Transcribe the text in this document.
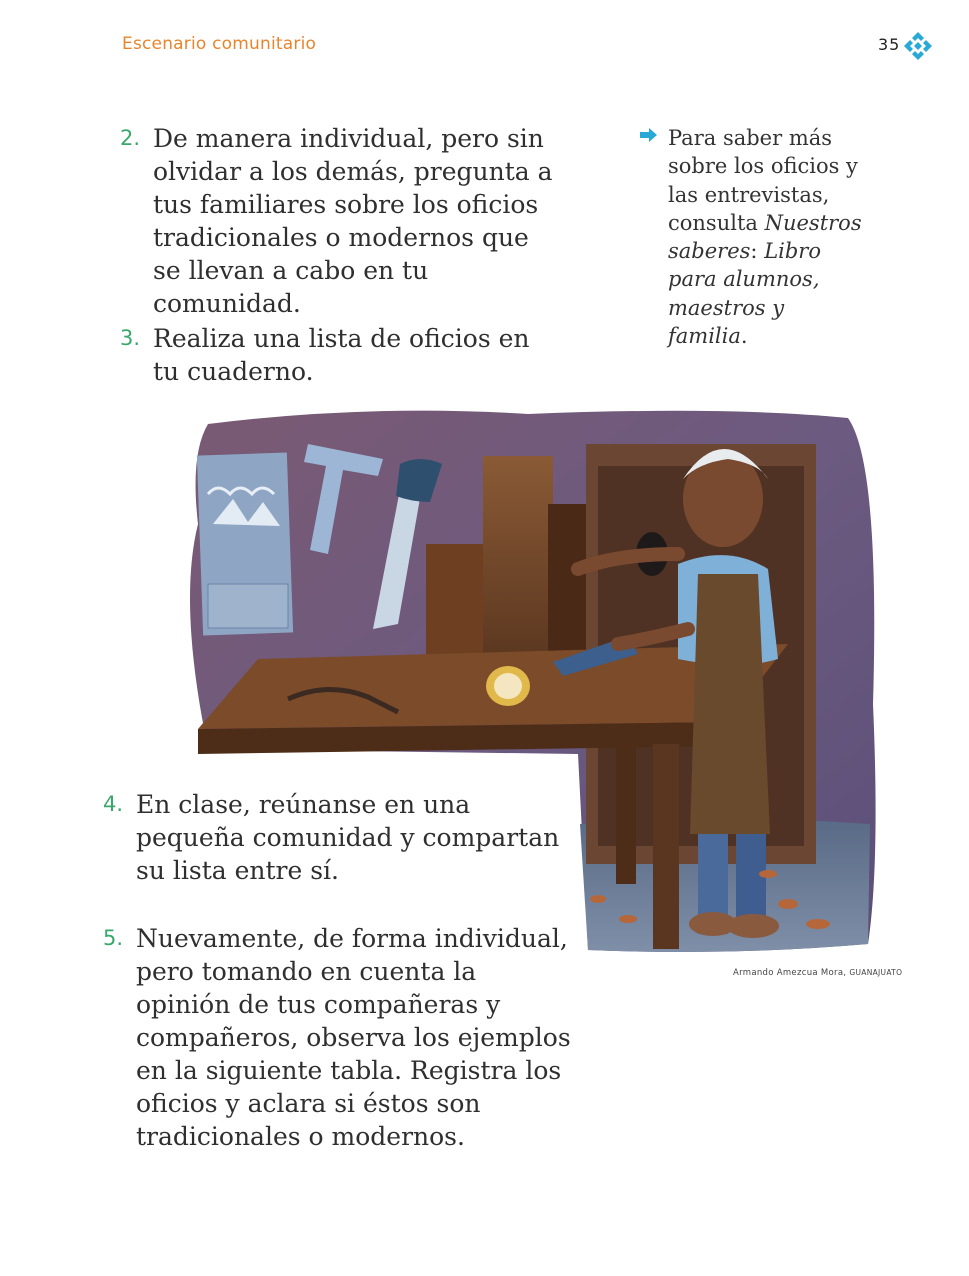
Escenario comunitario	35
2. De manera individual, pero sin olvidar a los demás, pregunta a tus familiares sobre los oficios tradicionales o modernos que se llevan a cabo en tu comunidad.
3. Realiza una lista de oficios en tu cuaderno.
Para saber más sobre los oficios y las entrevistas, consulta Nuestros saberes: Libro para alumnos, maestros y familia.
Armando Amezcua Mora, GUANAJUATO
4. En clase, reúnanse en una pequeña comunidad y compartan su lista entre sí.
5. Nuevamente, de forma individual, pero tomando en cuenta la opinión de tus compañeras y compañeros, observa los ejemplos en la siguiente tabla. Registra los oficios y aclara si éstos son tradicionales o modernos.
